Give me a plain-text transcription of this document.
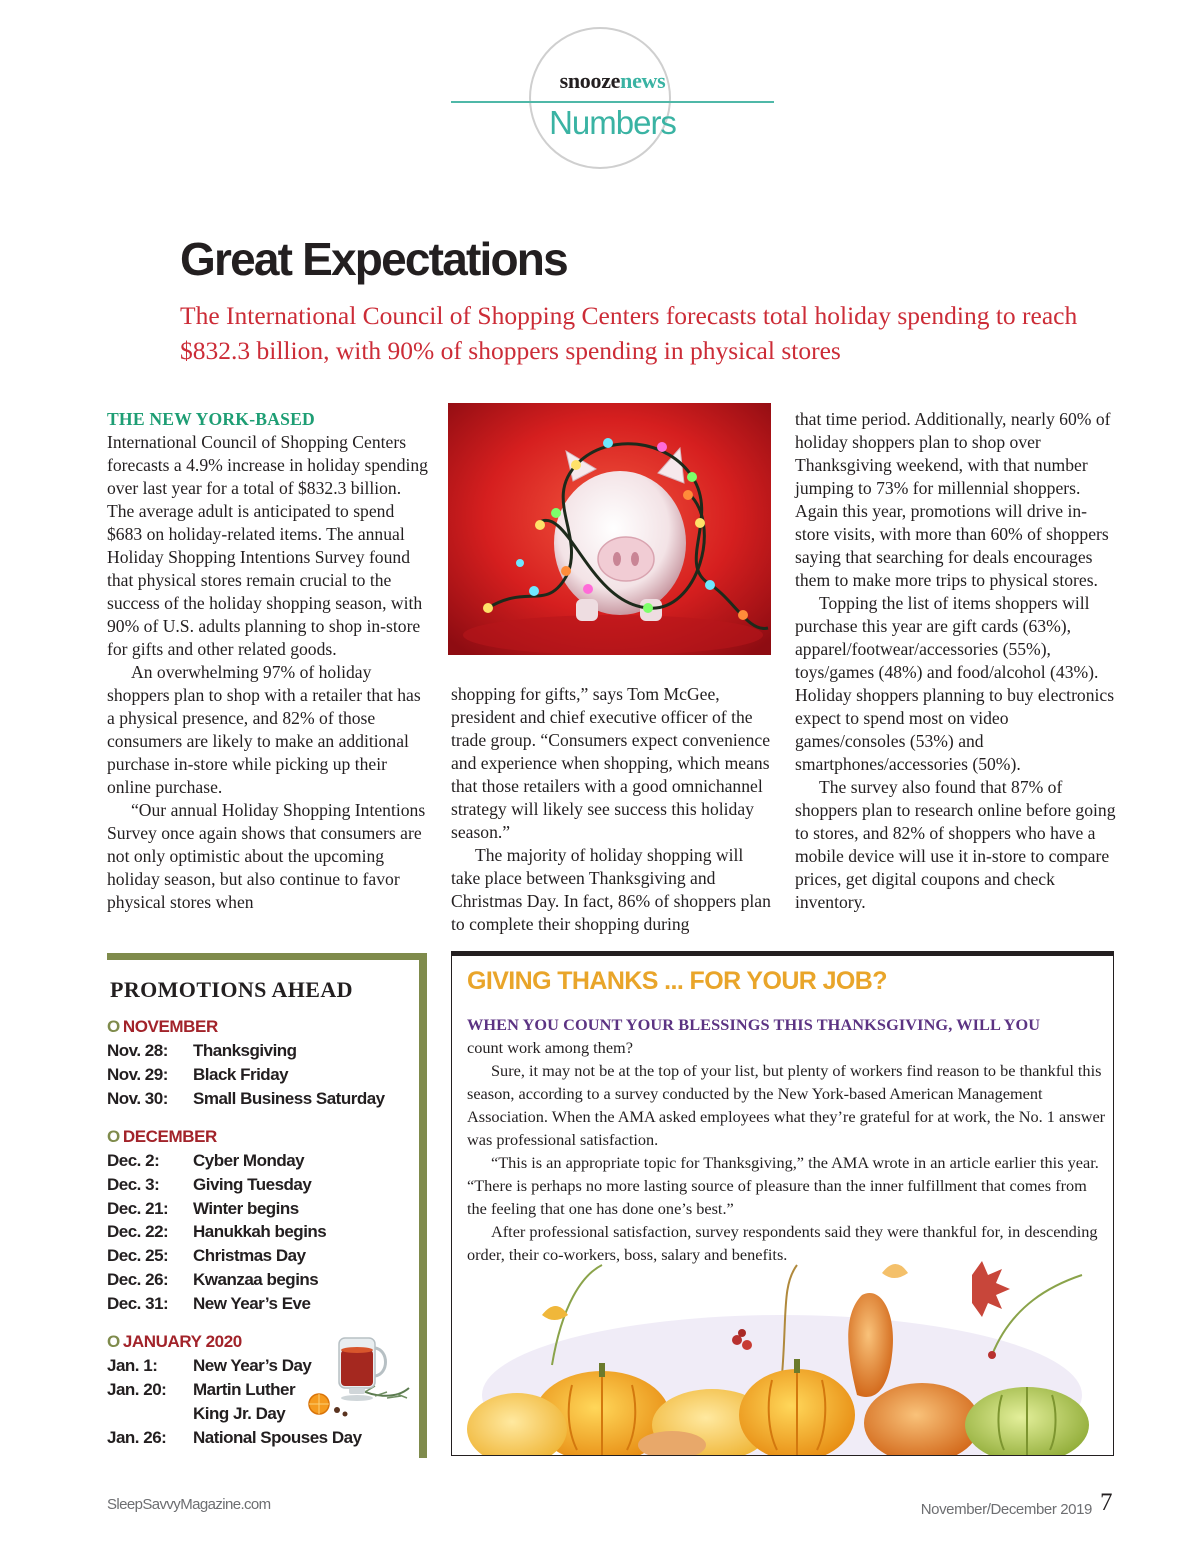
snoozenews
Numbers
Great Expectations
The International Council of Shopping Centers forecasts total holiday spending to reach $832.3 billion, with 90% of shoppers spending in physical stores
THE NEW YORK-BASED

International Council of Shopping Centers forecasts a 4.9% increase in holiday spending over last year for a total of $832.3 billion. The average adult is anticipated to spend $683 on holiday-related items. The annual Holiday Shopping Intentions Survey found that physical stores remain crucial to the success of the holiday shopping season, with 90% of U.S. adults planning to shop in-store for gifts and other related goods.

An overwhelming 97% of holiday shoppers plan to shop with a retailer that has a physical presence, and 82% of those consumers are likely to make an additional purchase in-store while picking up their online purchase.

“Our annual Holiday Shopping Intentions Survey once again shows that consumers are not only optimistic about the upcoming holiday season, but also continue to favor physical stores when

shopping for gifts,” says Tom McGee, president and chief executive officer of the trade group. “Consumers expect convenience and experience when shopping, which means that those retailers with a good omnichannel strategy will likely see success this holiday season.”

The majority of holiday shopping will take place between Thanksgiving and Christmas Day. In fact, 86% of shoppers plan to complete their shopping during

that time period. Additionally, nearly 60% of holiday shoppers plan to shop over Thanksgiving weekend, with that number jumping to 73% for millennial shoppers. Again this year, promotions will drive in-store visits, with more than 60% of shoppers saying that searching for deals encourages them to make more trips to physical stores.

Topping the list of items shoppers will purchase this year are gift cards (63%), apparel/footwear/accessories (55%), toys/games (48%) and food/alcohol (43%). Holiday shoppers planning to buy electronics expect to spend most on video games/consoles (53%) and smartphones/accessories (50%).

The survey also found that 87% of shoppers plan to research online before going to stores, and 82% of shoppers who have a mobile device will use it in-store to compare prices, get digital coupons and check inventory.

PROMOTIONS AHEAD
O NOVEMBER
Nov. 28:	Thanksgiving
Nov. 29:	Black Friday
Nov. 30:	Small Business Saturday
O DECEMBER
Dec. 2:	Cyber Monday
Dec. 3:	Giving Tuesday
Dec. 21:	Winter begins
Dec. 22:	Hanukkah begins
Dec. 25:	Christmas Day
Dec. 26:	Kwanzaa begins
Dec. 31:	New Year’s Eve
O JANUARY 2020
Jan. 1:	New Year’s Day
Jan. 20:	Martin Luther
King Jr. Day
Jan. 26:	National Spouses Day
GIVING THANKS ... FOR YOUR JOB?

WHEN YOU COUNT YOUR BLESSINGS THIS THANKSGIVING, WILL YOU
count work among them?

Sure, it may not be at the top of your list, but plenty of workers find reason to be thankful this season, according to a survey conducted by the New York-based American Management Association. When the AMA asked employees what they’re grateful for at work, the No. 1 answer was professional satisfaction.

“This is an appropriate topic for Thanksgiving,” the AMA wrote in an article earlier this year. “There is perhaps no more lasting source of pleasure than the inner fulfillment that comes from the feeling that one has done one’s best.”

After professional satisfaction, survey respondents said they were thankful for, in descending order, their co-workers, boss, salary and benefits.

SleepSavvyMagazine.com	November/December 2019 7
